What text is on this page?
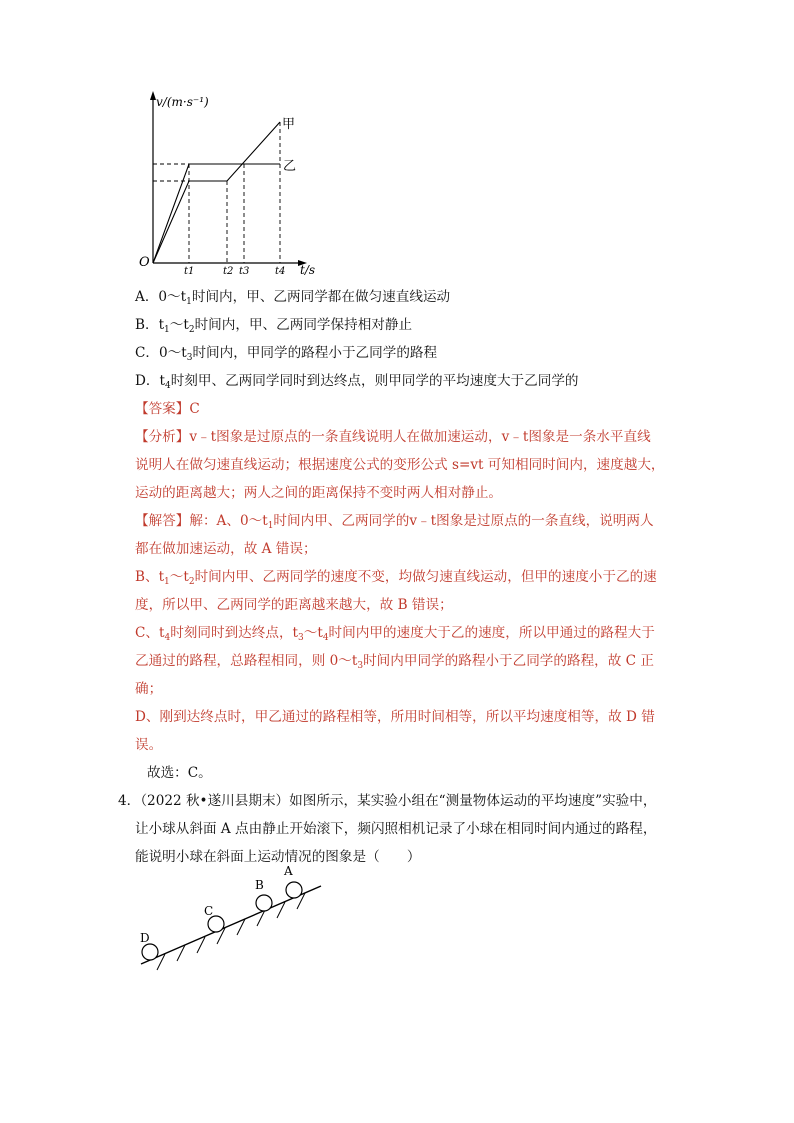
v/(m·s⁻¹)
t/s
O
t1	t2 t3	t4
甲
乙
A．$0\sim t_1$时间内，甲、乙两同学都在做匀速直线运动
B．$t_1\sim t_2$时间内，甲、乙两同学保持相对静止
C．$0\sim t_3$时间内，甲同学的路程小于乙同学的路程
D．$t_4$时刻甲、乙两同学同时到达终点，则甲同学的平均速度大于乙同学的
【答案】C
【分析】v﹣t图象是过原点的一条直线说明人在做加速运动，v﹣t图象是一条水平直线
说明人在做匀速直线运动；根据速度公式的变形公式 s=vt 可知相同时间内，速度越大，
运动的距离越大；两人之间的距离保持不变时两人相对静止。
【解答】解：A、$0\sim t_1$时间内甲、乙两同学的v﹣t图象是过原点的一条直线，说明两人
都在做加速运动，故 A 错误；
B、$t_1\sim t_2$时间内甲、乙两同学的速度不变，均做匀速直线运动，但甲的速度小于乙的速
度，所以甲、乙两同学的距离越来越大，故 B 错误；
C、$t_4$时刻同时到达终点，$t_3\sim t_4$时间内甲的速度大于乙的速度，所以甲通过的路程大于
乙通过的路程，总路程相同，则 $0\sim t_3$时间内甲同学的路程小于乙同学的路程，故 C 正
确；
D、刚到达终点时，甲乙通过的路程相等，所用时间相等，所以平均速度相等，故 D 错
误。
故选：C。
4．（2022 秋•遂川县期末）如图所示，某实验小组在“测量物体运动的平均速度”实验中，
让小球从斜面 A 点由静止开始滚下，频闪照相机记录了小球在相同时间内通过的路程，
能说明小球在斜面上运动情况的图象是（　　）
D
C
B
A
